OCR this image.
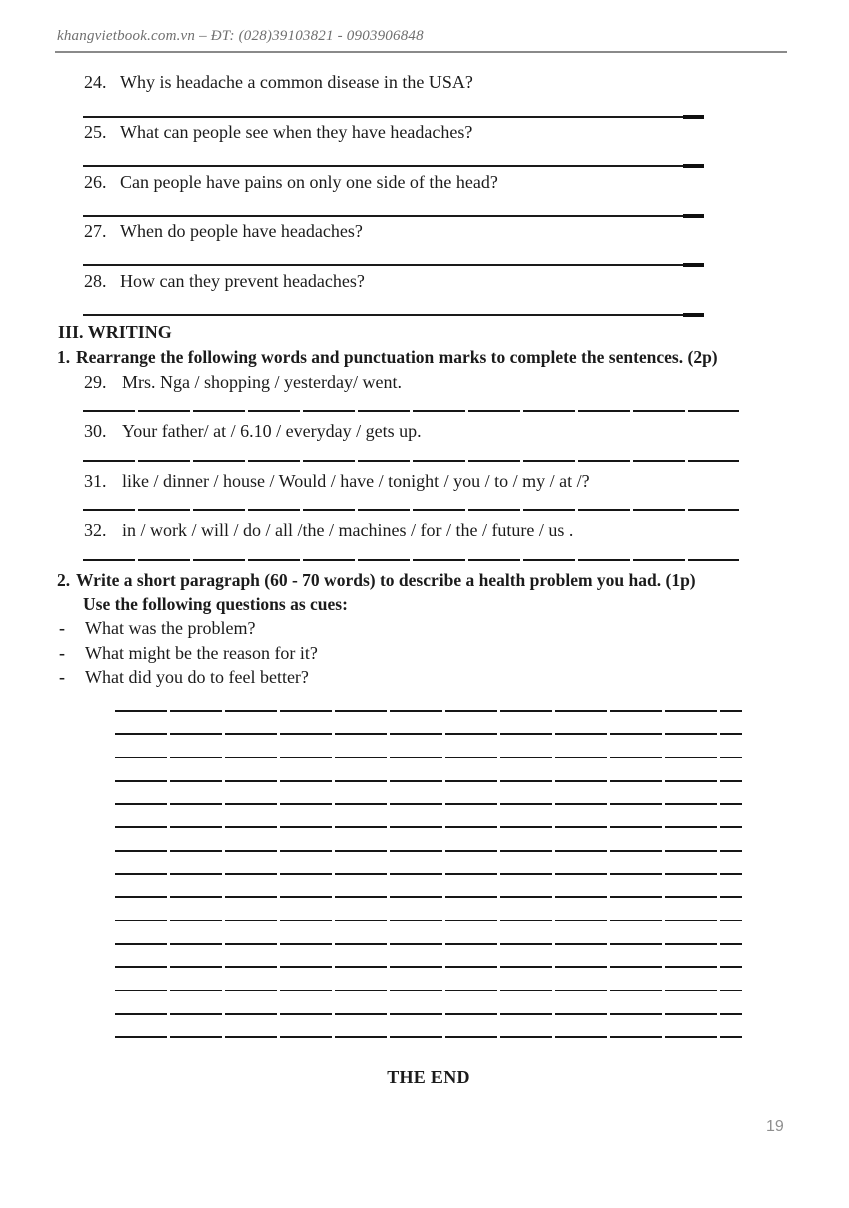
khangvietbook.com.vn – ĐT: (028)39103821 - 0903906848
24. Why is headache a common disease in the USA?
25. What can people see when they have headaches?
26. Can people have pains on only one side of the head?
27. When do people have headaches?
28. How can they prevent headaches?
III. WRITING
1. Rearrange the following words and punctuation marks to complete the sentences. (2p)
29. Mrs. Nga / shopping / yesterday/ went.
30. Your father/ at / 6.10 / everyday / gets up.
31. like / dinner / house / Would / have / tonight / you / to / my / at /?
32. in / work / will / do / all /the / machines / for / the / future / us .
2. Write a short paragraph (60 - 70 words) to describe a health problem you had. (1p)
Use the following questions as cues:
-	What was the problem?
-	What might be the reason for it?
-	What did you do to feel better?
THE END
19
